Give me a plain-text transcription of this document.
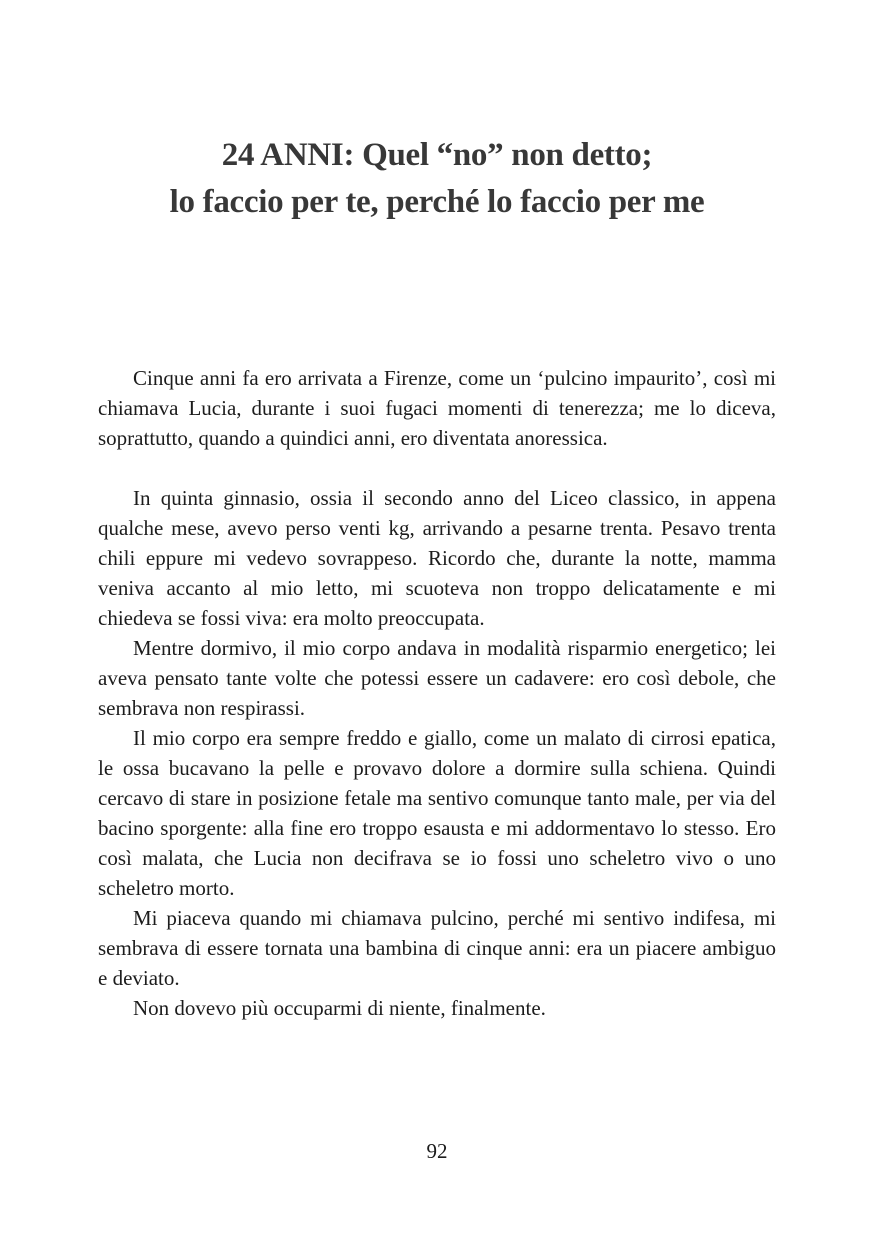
24 ANNI: Quel “no” non detto;
lo faccio per te, perché lo faccio per me

Cinque anni fa ero arrivata a Firenze, come un ‘pulcino impaurito’, così mi chiamava Lucia, durante i suoi fugaci momenti di tenerezza; me lo diceva, soprattutto, quando a quindici anni, ero diventata anoressica.

In quinta ginnasio, ossia il secondo anno del Liceo classico, in appena qualche mese, avevo perso venti kg, arrivando a pesarne trenta. Pesavo trenta chili eppure mi vedevo sovrappeso. Ricordo che, durante la notte, mamma veniva accanto al mio letto, mi scuoteva non troppo delicatamente e mi chiedeva se fossi viva: era molto preoccupata.

Mentre dormivo, il mio corpo andava in modalità risparmio energetico; lei aveva pensato tante volte che potessi essere un cadavere: ero così debole, che sembrava non respirassi.

Il mio corpo era sempre freddo e giallo, come un malato di cirrosi epatica, le ossa bucavano la pelle e provavo dolore a dormire sulla schiena. Quindi cercavo di stare in posizione fetale ma sentivo comunque tanto male, per via del bacino sporgente: alla fine ero troppo esausta e mi addormentavo lo stesso. Ero così malata, che Lucia non decifrava se io fossi uno scheletro vivo o uno scheletro morto.

Mi piaceva quando mi chiamava pulcino, perché mi sentivo indifesa, mi sembrava di essere tornata una bambina di cinque anni: era un piacere ambiguo e deviato.

Non dovevo più occuparmi di niente, finalmente.

92
